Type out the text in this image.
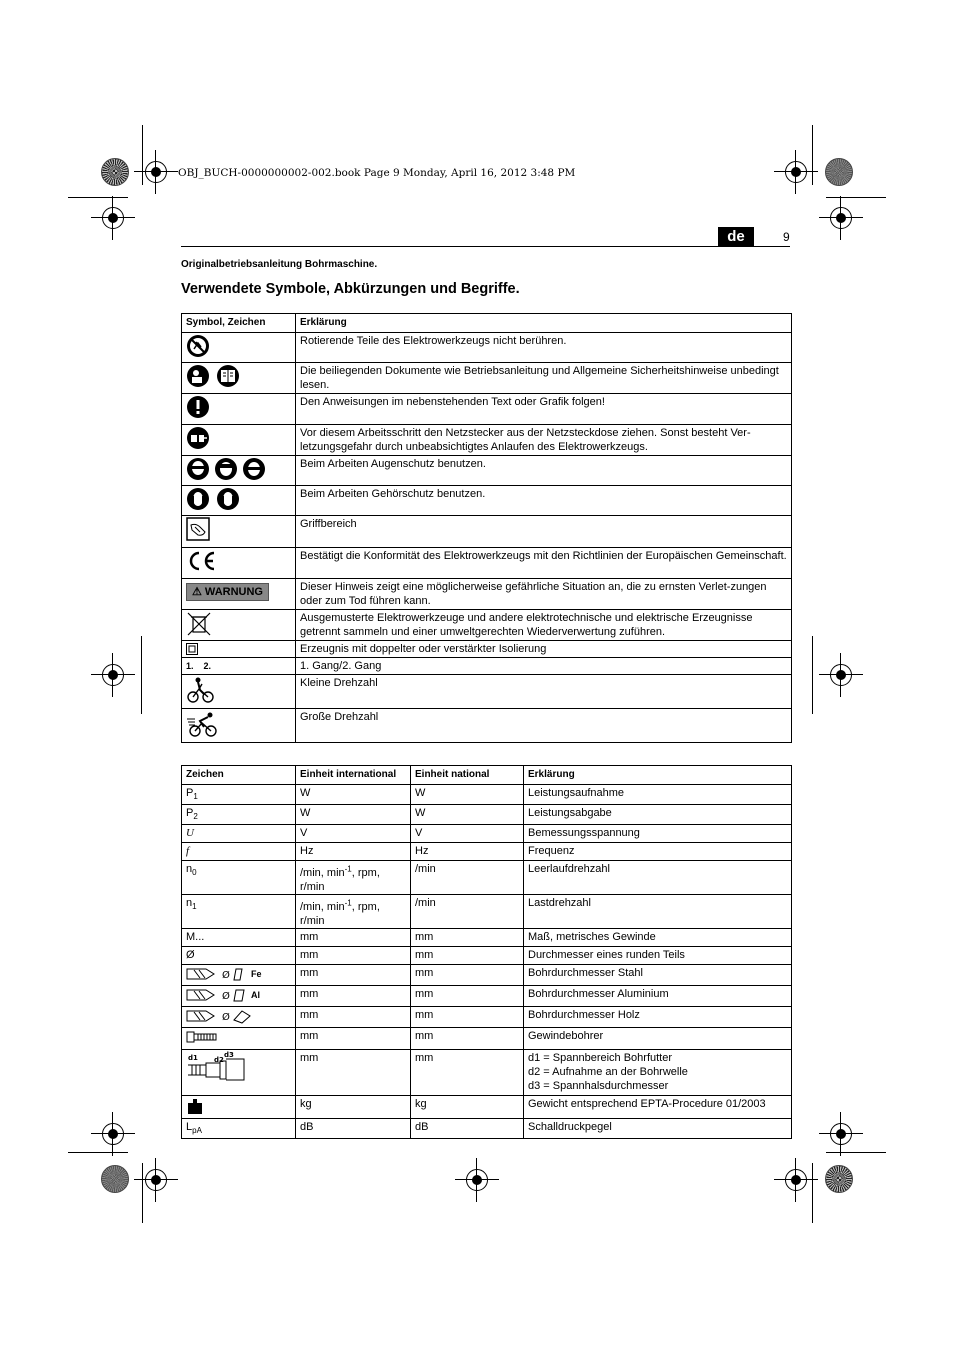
OBJ_BUCH-0000000002-002.book Page 9 Monday, April 16, 2012 3:48 PM
de	9
Originalbetriebsanleitung Bohrmaschine.
Verwendete Symbole, Abkürzungen und Begriffe.
Symbol, Zeichen	Erklärung
	Rotierende Teile des Elektrowerkzeugs nicht berühren.
	Die beiliegenden Dokumente wie Betriebsanleitung und Allgemeine Sicherheitshinweise unbedingt lesen.
	Den Anweisungen im nebenstehenden Text oder Grafik folgen!
	Vor diesem Arbeitsschritt den Netzstecker aus der Netzsteckdose ziehen. Sonst besteht Ver-letzungsgefahr durch unbeabsichtigtes Anlaufen des Elektrowerkzeugs.
	Beim Arbeiten Augenschutz benutzen.
	Beim Arbeiten Gehörschutz benutzen.
	Griffbereich
	Bestätigt die Konformität des Elektrowerkzeugs mit den Richtlinien der Europäischen Gemeinschaft.
⚠ WARNUNG	Dieser Hinweis zeigt eine möglicherweise gefährliche Situation an, die zu ernsten Verlet-zungen oder zum Tod führen kann.
	Ausgemusterte Elektrowerkzeuge und andere elektrotechnische und elektrische Erzeugnisse getrennt sammeln und einer umweltgerechten Wiederverwertung zuführen.
	Erzeugnis mit doppelter oder verstärkter Isolierung
1.    2.	1. Gang/2. Gang
	Kleine Drehzahl
	Große Drehzahl
Zeichen	Einheit international	Einheit national	Erklärung
$P_1$	W	W	Leistungsaufnahme
$P_2$	W	W	Leistungsabgabe
U	V	V	Bemessungsspannung
f	Hz	Hz	Frequenz
$n_0$	/min, $\min^{-1}$, rpm, r/min	/min	Leerlaufdrehzahl
$n_1$	/min, $\min^{-1}$, rpm, r/min	/min	Lastdrehzahl
M...	mm	mm	Maß, metrisches Gewinde
Ø	mm	mm	Durchmesser eines runden Teils

Ø Fe	mm	mm	Bohrdurchmesser Stahl

Ø Al	mm	mm	Bohrdurchmesser Aluminium

Ø	mm	mm	Bohrdurchmesser Holz
	mm	mm	Gewindebohrer

d1 d2
d3	mm	mm	d1 = Spannbereich Bohrfutter
d2 = Aufnahme an der Bohrwelle
d3 = Spannhalsdurchmesser
	kg	kg	Gewicht entsprechend EPTA-Procedure 01/2003
$L_{pA}$	dB	dB	Schalldruckpegel
